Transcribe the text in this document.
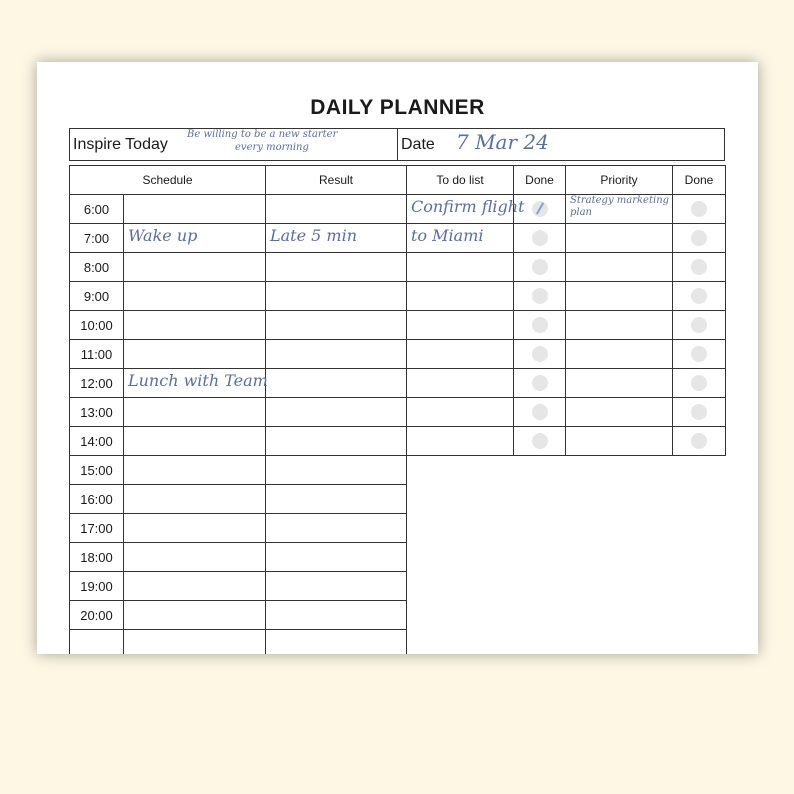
DAILY PLANNER
Inspire Today
Be willing to be a new starter
every morning	Date 7 Mar 24
Schedule		Result	To do list	Done	Priority	Done
6:00			Confirm flight		Strategy marketing plan	

7:00	Wake up	Late 5 min	to Miami			

8:00				

9:00				

10:00				

11:00				

12:00	Lunch with Team					

13:00				

14:00				

15:00						
16:00						
17:00						
18:00						
19:00						
20:00						
